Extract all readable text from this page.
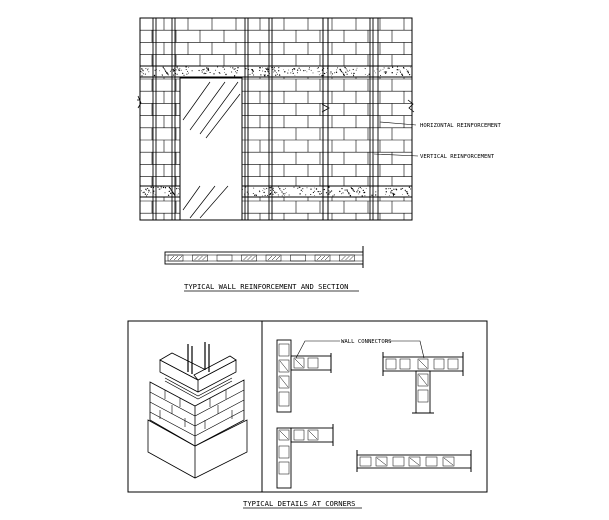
HORIZONTAL REINFORCEMENT
VERTICAL REINFORCEMENT
TYPICAL WALL REINFORCEMENT AND SECTION
WALL CONNECTORS
TYPICAL DETAILS AT CORNERS
